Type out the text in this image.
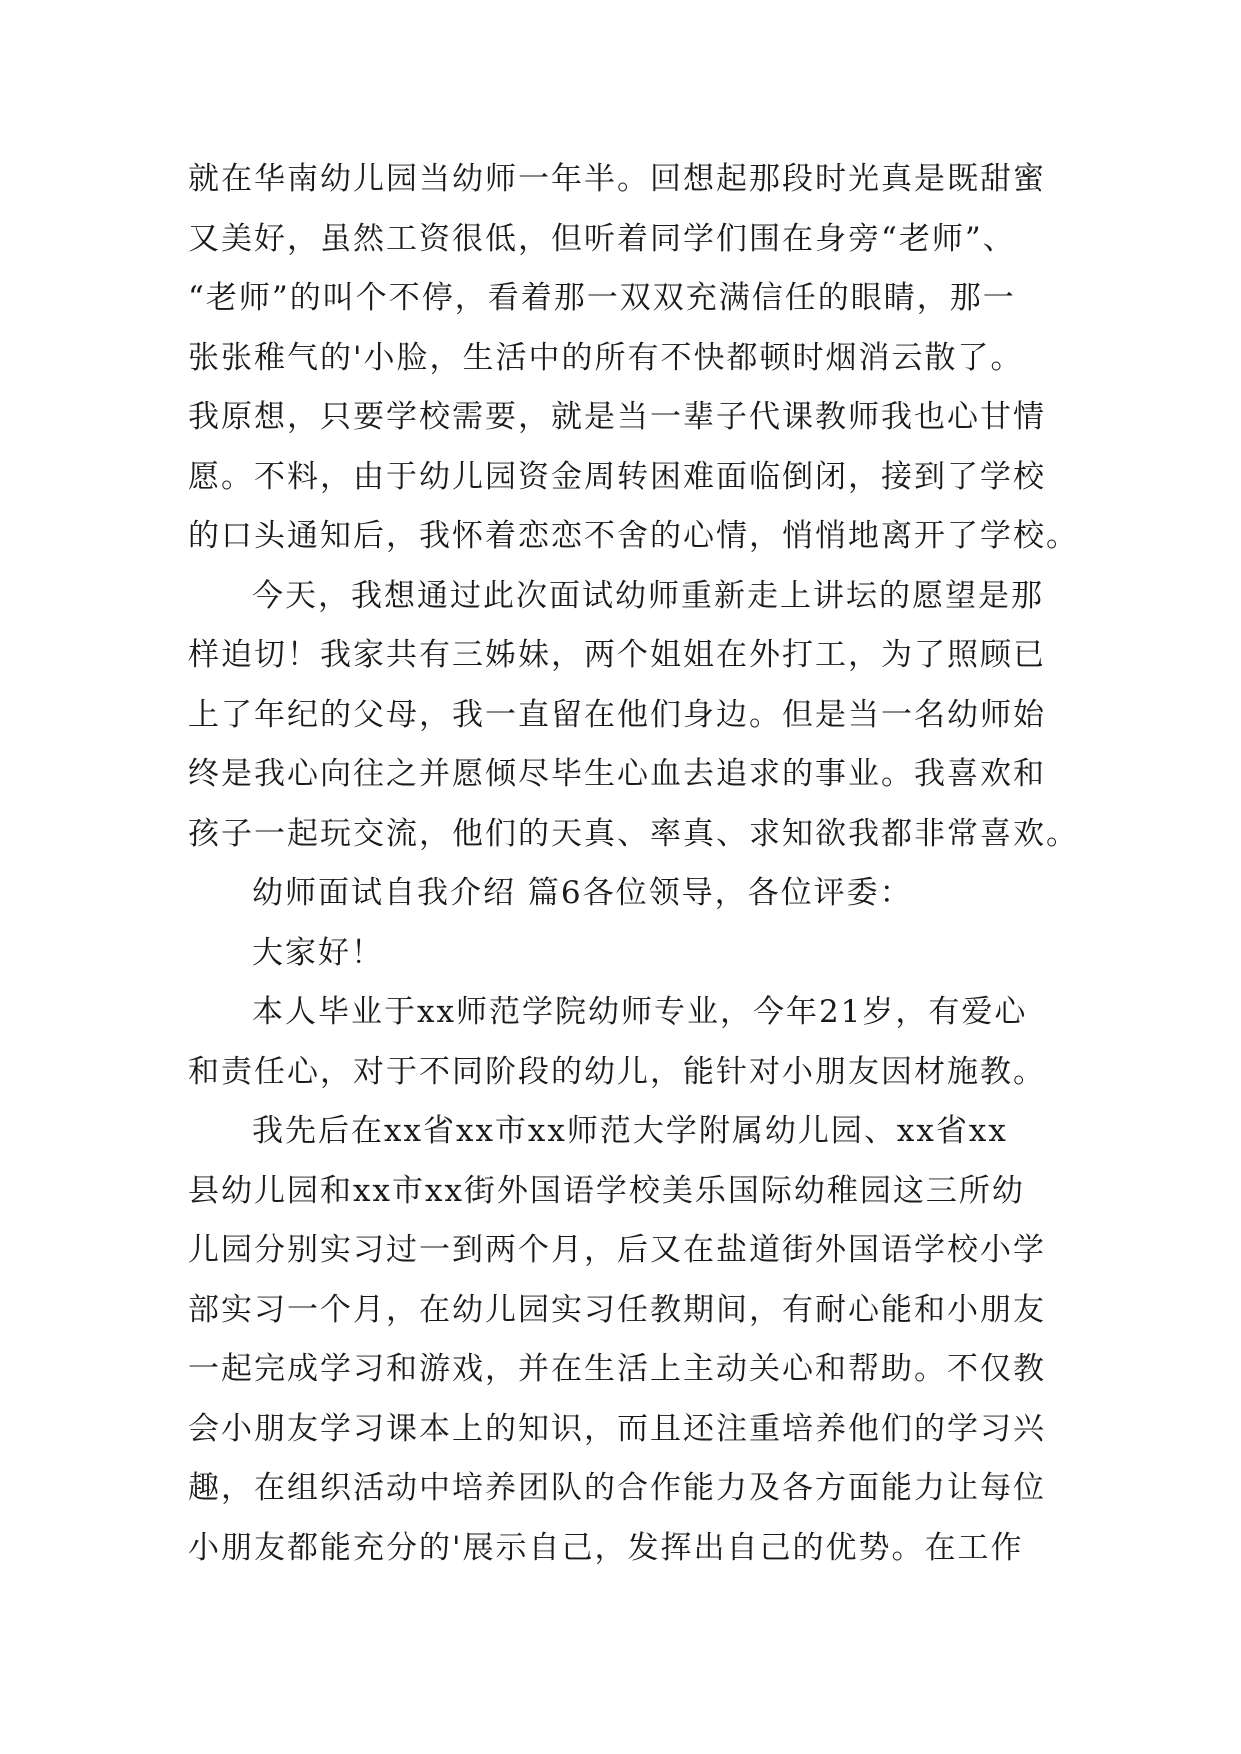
就在华南幼儿园当幼师一年半。回想起那段时光真是既甜蜜
又美好，虽然工资很低，但听着同学们围在身旁“老师”、
“老师”的叫个不停，看着那一双双充满信任的眼睛，那一
张张稚气的'小脸，生活中的所有不快都顿时烟消云散了。
我原想，只要学校需要，就是当一辈子代课教师我也心甘情
愿。不料，由于幼儿园资金周转困难面临倒闭，接到了学校
的口头通知后，我怀着恋恋不舍的心情，悄悄地离开了学校。
今天，我想通过此次面试幼师重新走上讲坛的愿望是那
样迫切！我家共有三姊妹，两个姐姐在外打工，为了照顾已
上了年纪的父母，我一直留在他们身边。但是当一名幼师始
终是我心向往之并愿倾尽毕生心血去追求的事业。我喜欢和
孩子一起玩交流，他们的天真、率真、求知欲我都非常喜欢。
幼师面试自我介绍 篇6各位领导，各位评委：
大家好！
本人毕业于xx师范学院幼师专业，今年21岁，有爱心
和责任心，对于不同阶段的幼儿，能针对小朋友因材施教。
我先后在xx省xx市xx师范大学附属幼儿园、xx省xx
县幼儿园和xx市xx街外国语学校美乐国际幼稚园这三所幼
儿园分别实习过一到两个月，后又在盐道街外国语学校小学
部实习一个月，在幼儿园实习任教期间，有耐心能和小朋友
一起完成学习和游戏，并在生活上主动关心和帮助。不仅教
会小朋友学习课本上的知识，而且还注重培养他们的学习兴
趣，在组织活动中培养团队的合作能力及各方面能力让每位
小朋友都能充分的'展示自己，发挥出自己的优势。在工作
